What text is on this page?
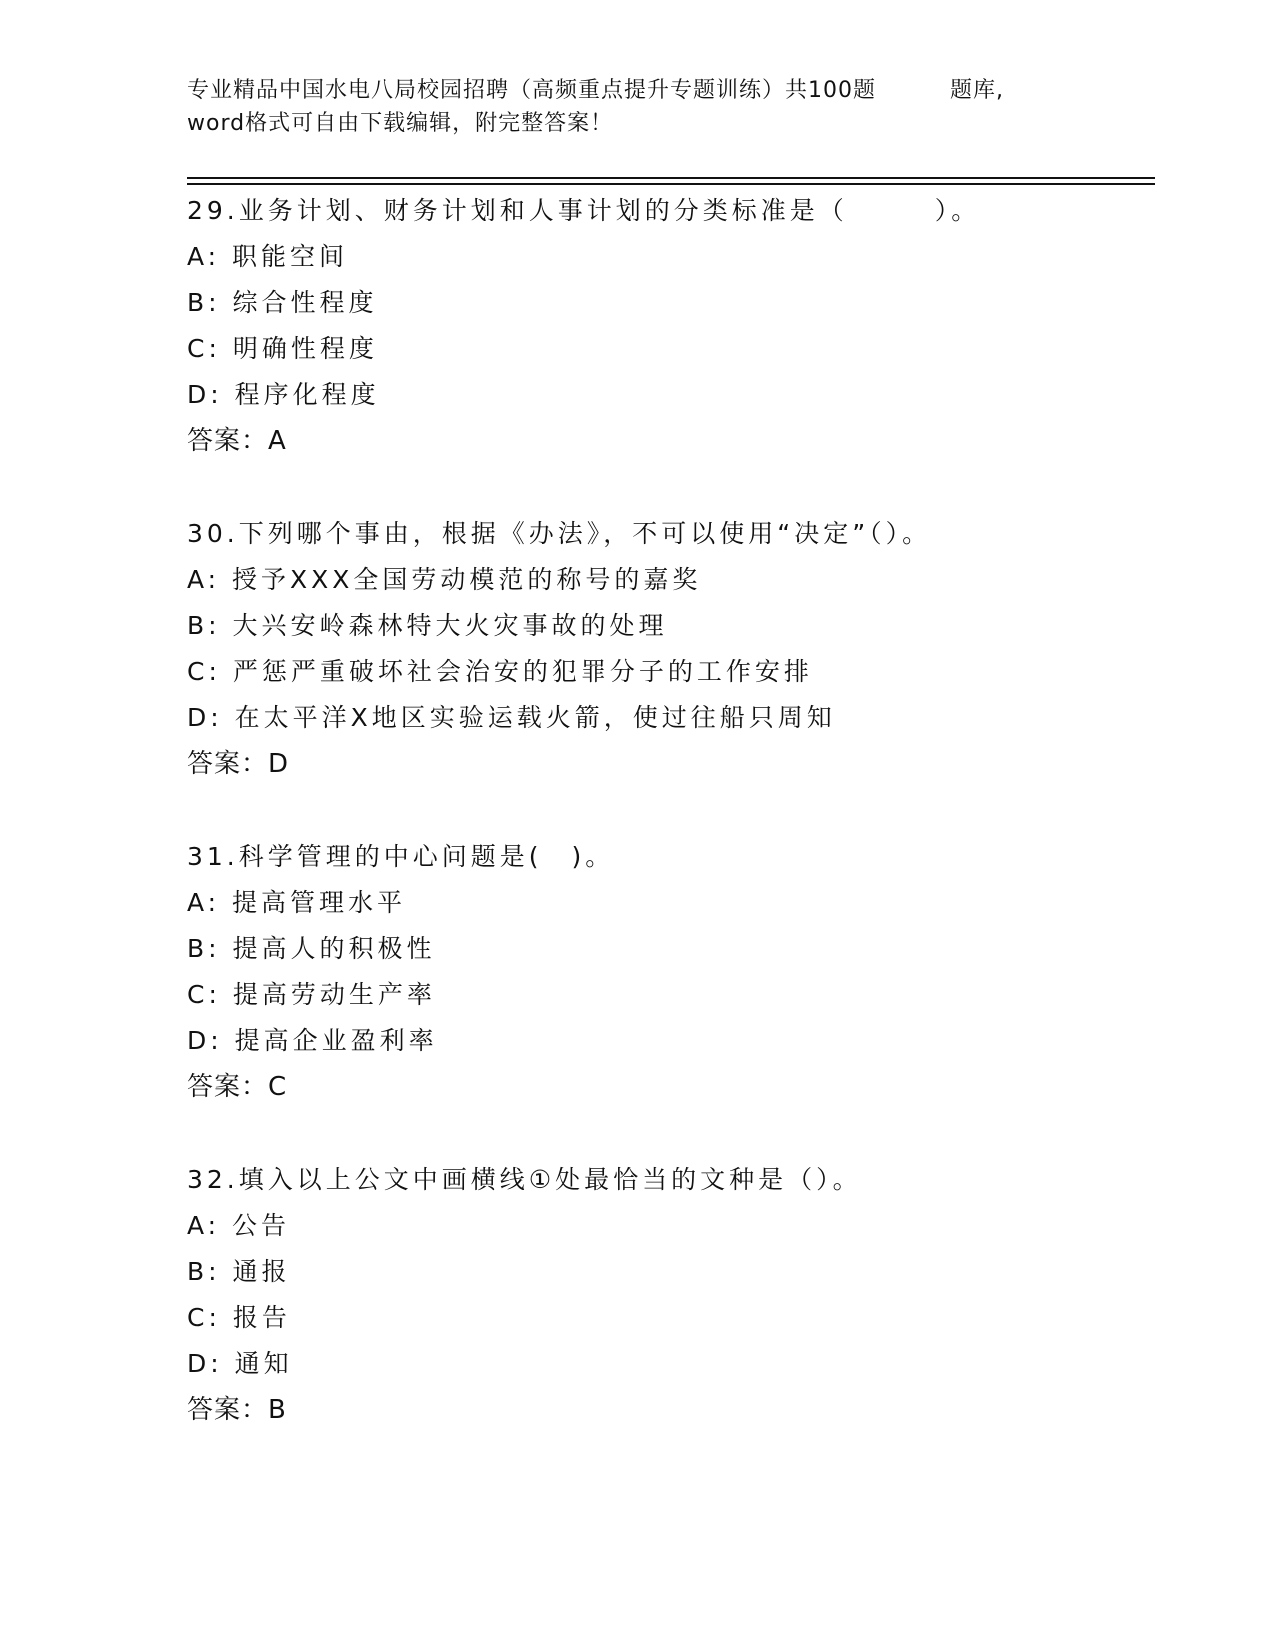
专业精品中国水电八局校园招聘（高频重点提升专题训练）共100题	题库,
word格式可自由下载编辑，附完整答案！
29.业务计划、财务计划和人事计划的分类标准是（　　　）。
A: 职能空间
B: 综合性程度
C: 明确性程度
D: 程序化程度
答案：A
30.下列哪个事由，根据《办法》，不可以使用“决定”（）。
A: 授予XXX全国劳动模范的称号的嘉奖
B: 大兴安岭森林特大火灾事故的处理
C: 严惩严重破坏社会治安的犯罪分子的工作安排
D: 在太平洋X地区实验运载火箭，使过往船只周知
答案：D
31.科学管理的中心问题是(　)。
A: 提高管理水平
B: 提高人的积极性
C: 提高劳动生产率
D: 提高企业盈利率
答案：C
32.填入以上公文中画横线①处最恰当的文种是（）。
A: 公告
B: 通报
C: 报告
D: 通知
答案：B
